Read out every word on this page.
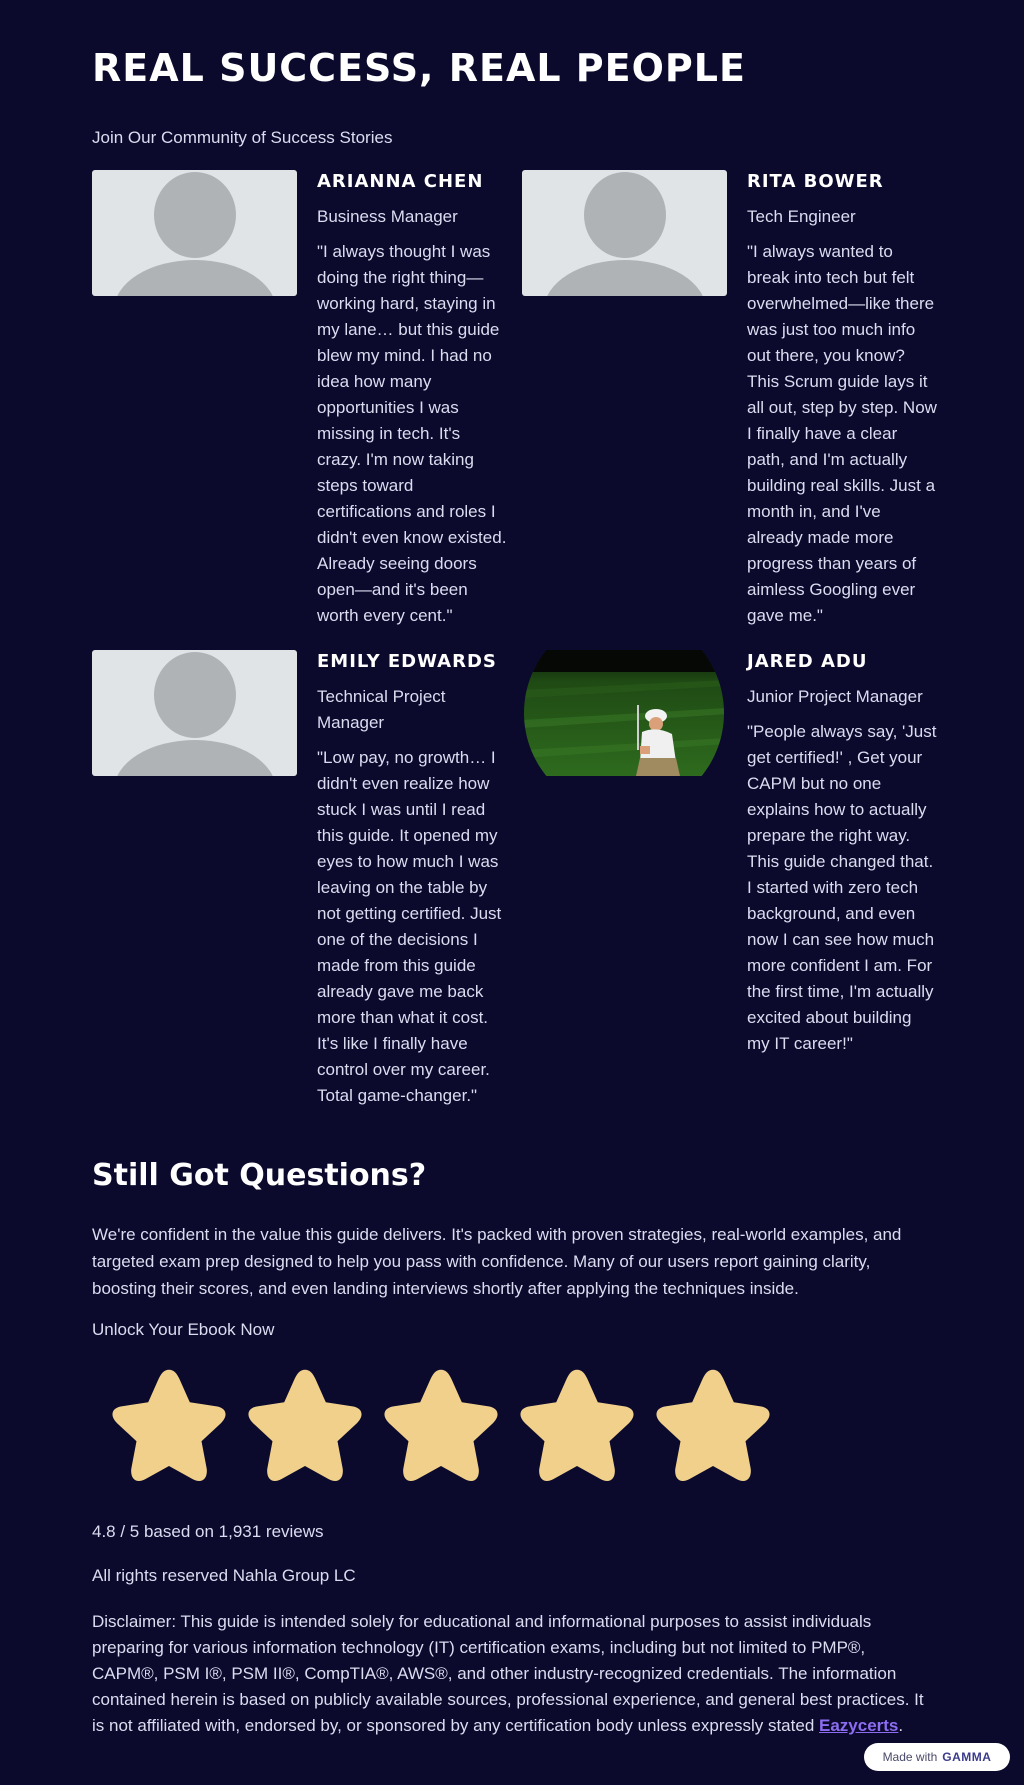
REAL SUCCESS, REAL PEOPLE

Join Our Community of Success Stories

ARIANNA CHEN
Business Manager
"I always thought I was doing the right thing—working hard, staying in my lane… but this guide blew my mind. I had no idea how many opportunities I was missing in tech. It's crazy. I'm now taking steps toward certifications and roles I didn't even know existed. Already seeing doors open—and it's been worth every cent."
RITA BOWER
Tech Engineer
"I always wanted to break into tech but felt overwhelmed—like there was just too much info out there, you know? This Scrum guide lays it all out, step by step. Now I finally have a clear path, and I'm actually building real skills. Just a month in, and I've already made more progress than years of aimless Googling ever gave me."
EMILY EDWARDS
Technical Project Manager
"Low pay, no growth… I didn't even realize how stuck I was until I read this guide. It opened my eyes to how much I was leaving on the table by not getting certified. Just one of the decisions I made from this guide already gave me back more than what it cost. It's like I finally have control over my career. Total game-changer."
JARED ADU
Junior Project Manager
"People always say, 'Just get certified!' , Get your CAPM but no one explains how to actually prepare the right way. This guide changed that. I started with zero tech background, and even now I can see how much more confident I am. For the first time, I'm actually excited about building my IT career!"
Still Got Questions?

We're confident in the value this guide delivers. It's packed with proven strategies, real-world examples, and targeted exam prep designed to help you pass with confidence. Many of our users report gaining clarity, boosting their scores, and even landing interviews shortly after applying the techniques inside.

Unlock Your Ebook Now

4.8 / 5 based on 1,931 reviews

All rights reserved Nahla Group LC

Disclaimer: This guide is intended solely for educational and informational purposes to assist individuals preparing for various information technology (IT) certification exams, including but not limited to PMP®, CAPM®, PSM I®, PSM II®, CompTIA®, AWS®, and other industry-recognized credentials. The information contained herein is based on publicly available sources, professional experience, and general best practices. It is not affiliated with, endorsed by, or sponsored by any certification body unless expressly stated Eazycerts.

Made with GAMMA
